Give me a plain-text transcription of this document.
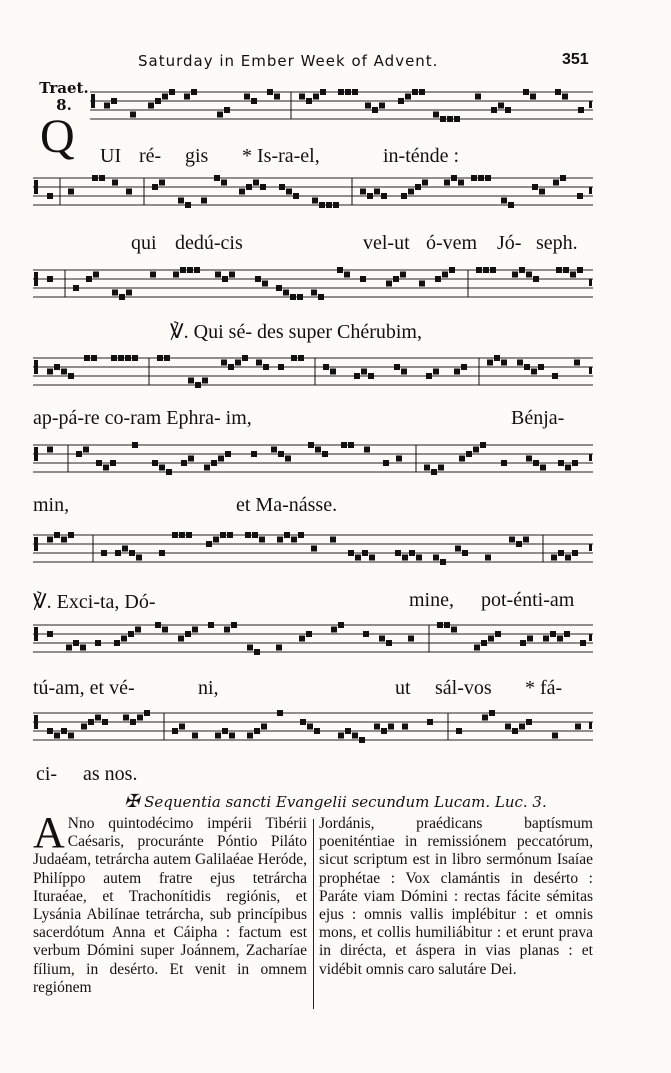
Saturday in Ember Week of Advent.	351
Traet.
8.
Q UI ré- gis * Is-ra-el,	in-ténde :
qui dedú-cis	vel-ut ó-vem Jó- seph.
℣. Qui sé- des super Chérubim,
ap-pá-re co-ram Ephra- im,	Bénja-
min,	et Ma-násse.
℣. Exci-ta, Dó-	mine, pot-énti-am
tú-am, et vé-	ni,	ut sál-vos * fá-
ci- as nos.
✠ Sequentia sancti Evangelii secundum Lucam. Luc. 3.
A Nno quintodécimo impérii Tibérii Caésaris, procuránte Póntio Piláto Judaéam, tetrárcha autem Galilaéae Heróde, Philíppo autem fratre ejus tetrárcha Ituraéae, et Trachonítidis regiónis, et Lysánia Abilínae tetrárcha, sub princípibus sacerdótum Anna et Cáipha : factum est verbum Dómini super Joánnem, Zacharíae fílium, in desérto. Et venit in omnem regiónem
Jordánis, praédicans baptísmum poeniténtiae in remissiónem peccatórum, sicut scriptum est in libro sermónum Isaíae prophétae : Vox clamántis in desérto : Paráte viam Dómini : rectas fácite sémitas ejus : omnis vallis implébitur : et omnis mons, et collis humiliábitur : et erunt prava in dirécta, et áspera in vias planas : et vidébit omnis caro salutáre Dei.
